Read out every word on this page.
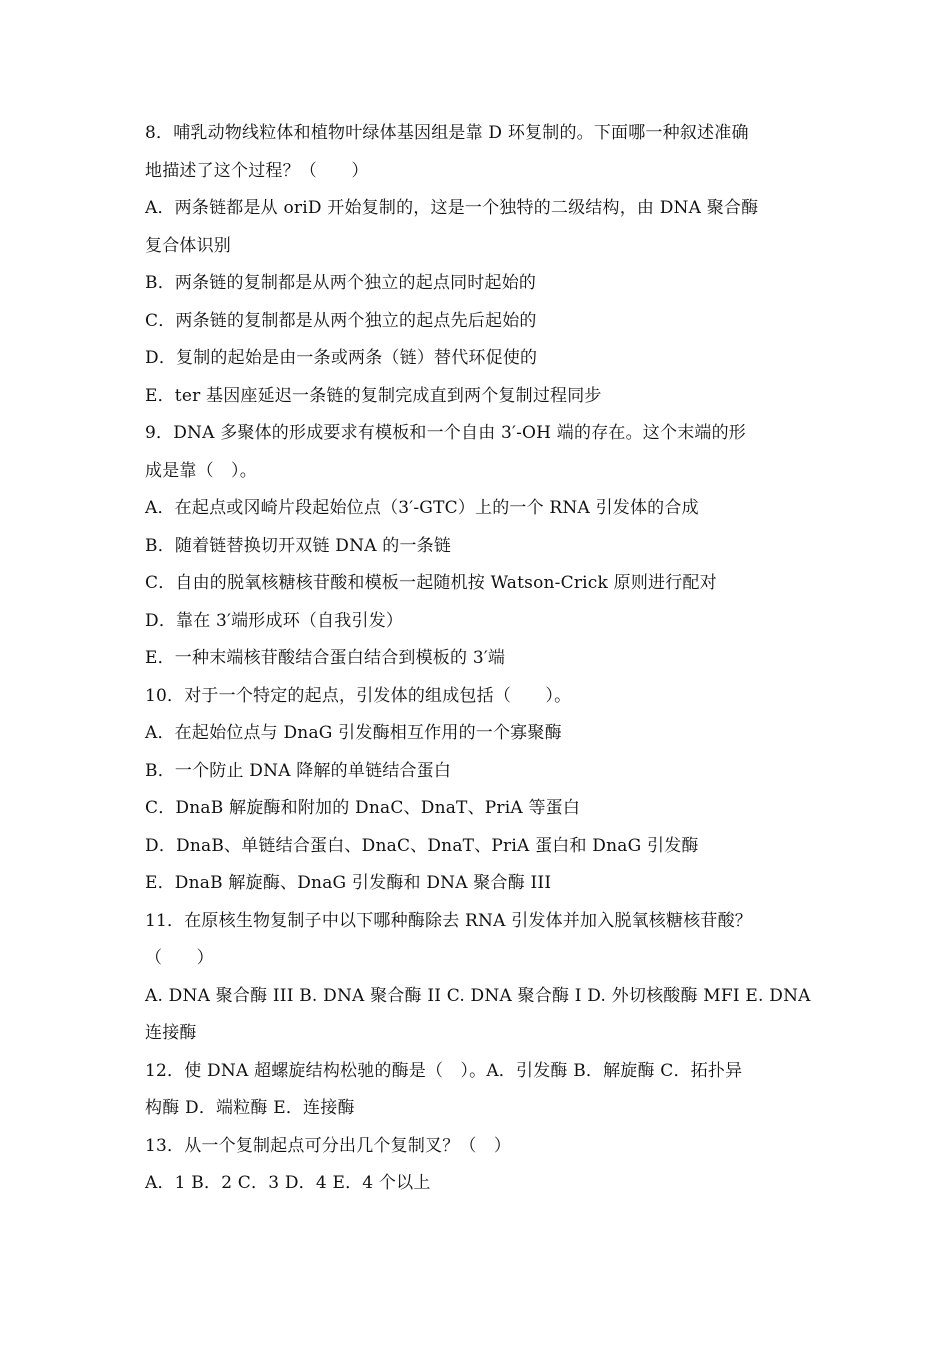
8．哺乳动物线粒体和植物叶绿体基因组是靠 D 环复制的。下面哪一种叙述准确
地描述了这个过程？（　　）
A．两条链都是从 oriD 开始复制的，这是一个独特的二级结构，由 DNA 聚合酶
复合体识别
B．两条链的复制都是从两个独立的起点同时起始的
C．两条链的复制都是从两个独立的起点先后起始的
D．复制的起始是由一条或两条（链）替代环促使的
E．ter 基因座延迟一条链的复制完成直到两个复制过程同步
9．DNA 多聚体的形成要求有模板和一个自由 3′-OH 端的存在。这个末端的形
成是靠（　）。
A．在起点或冈崎片段起始位点（3′-GTC）上的一个 RNA 引发体的合成
B．随着链替换切开双链 DNA 的一条链
C．自由的脱氧核糖核苷酸和模板一起随机按 Watson-Crick 原则进行配对
D．靠在 3′端形成环（自我引发）
E．一种末端核苷酸结合蛋白结合到模板的 3′端
10．对于一个特定的起点，引发体的组成包括（　　）。
A．在起始位点与 DnaG 引发酶相互作用的一个寡聚酶
B．一个防止 DNA 降解的单链结合蛋白
C．DnaB 解旋酶和附加的 DnaC、DnaT、PriA 等蛋白
D．DnaB、单链结合蛋白、DnaC、DnaT、PriA 蛋白和 DnaG 引发酶
E．DnaB 解旋酶、DnaG 引发酶和 DNA 聚合酶 III
11．在原核生物复制子中以下哪种酶除去 RNA 引发体并加入脱氧核糖核苷酸？
（　　）
A. DNA 聚合酶 III B. DNA 聚合酶 II C. DNA 聚合酶 I D. 外切核酸酶 MFI E. DNA
连接酶
12．使 DNA 超螺旋结构松驰的酶是（　）。A．引发酶 B．解旋酶 C．拓扑异
构酶 D．端粒酶 E．连接酶
13．从一个复制起点可分出几个复制叉？（　）
A．1 B．2 C．3 D．4 E．4 个以上
